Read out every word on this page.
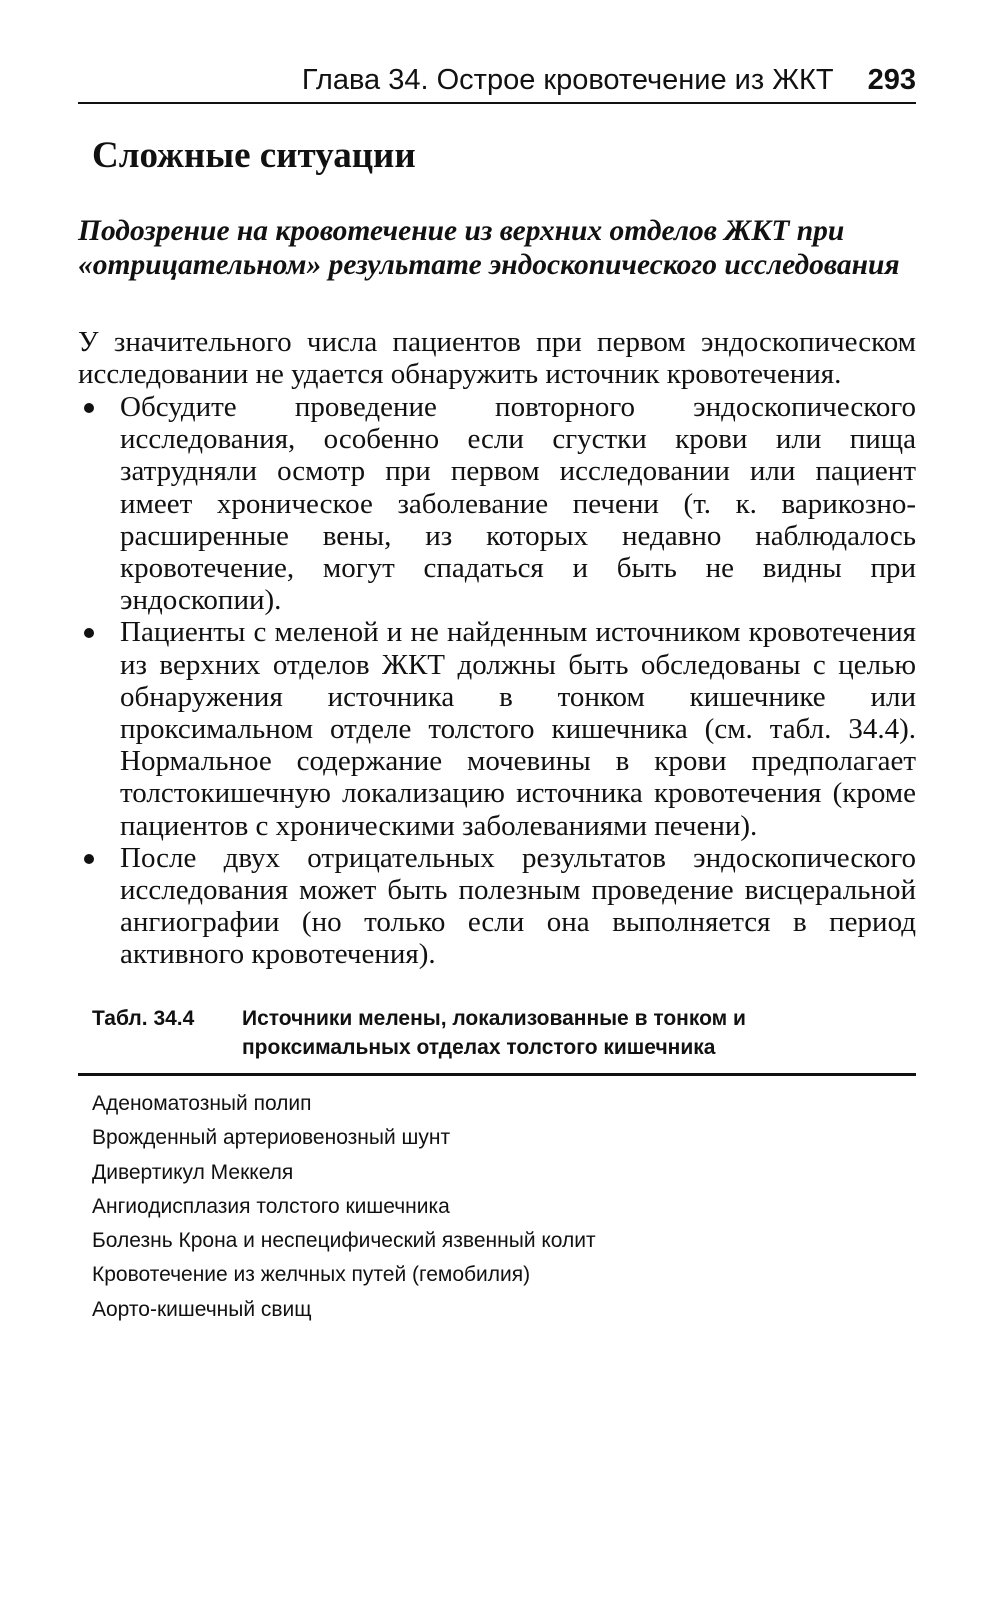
Глава 34. Острое кровотечение из ЖКТ 293
Сложные ситуации
Подозрение на кровотечение из верхних отделов ЖКТ при «отрицательном» результате эндоскопического исследования

У значительного числа пациентов при первом эндоскопическом исследовании не удается обнаружить источник кровотечения.

Обсудите проведение повторного эндоскопического исследования, особенно если сгустки крови или пища затрудняли осмотр при первом исследовании или пациент имеет хроническое заболевание печени (т. к. варикозно-расширенные вены, из которых недавно наблюдалось кровотечение, могут спадаться и быть не видны при эндоскопии).

Пациенты с меленой и не найденным источником кровотечения из верхних отделов ЖКТ должны быть обследованы с целью обнаружения источника в тонком кишечнике или проксимальном отделе толстого кишечника (см. табл. 34.4). Нормальное содержание мочевины в крови предполагает толстокишечную локализацию источника кровотечения (кроме пациентов с хроническими заболеваниями печени).

После двух отрицательных результатов эндоскопического исследования может быть полезным проведение висцеральной ангиографии (но только если она выполняется в период активного кровотечения).

Табл. 34.4	Источники мелены, локализованные в тонком и проксимальных отделах толстого кишечника
Аденоматозный полип
Врожденный артериовенозный шунт
Дивертикул Меккеля
Ангиодисплазия толстого кишечника
Болезнь Крона и неспецифический язвенный колит
Кровотечение из желчных путей (гемобилия)
Аорто-кишечный свищ
